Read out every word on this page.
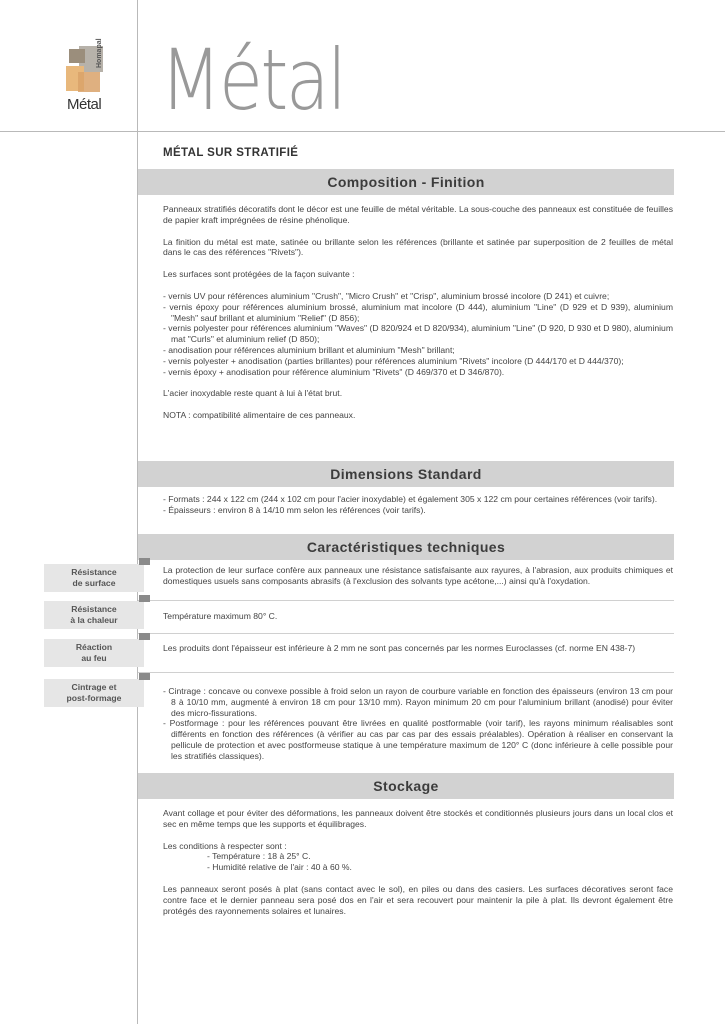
Homapal
Métal Métal
MÉTAL SUR STRATIFIÉ
Composition - Finition

Panneaux stratifiés décoratifs dont le décor est une feuille de métal véritable. La sous-couche des panneaux est constituée de feuilles de papier kraft imprégnées de résine phénolique.

La finition du métal est mate, satinée ou brillante selon les références (brillante et satinée par superposition de 2 feuilles de métal dans le cas des références "Rivets").

Les surfaces sont protégées de la façon suivante :

- vernis UV pour références aluminium "Crush", "Micro Crush" et "Crisp", aluminium brossé incolore (D 241) et cuivre;

- vernis époxy pour références aluminium brossé, aluminium mat incolore (D 444), aluminium "Line" (D 929 et D 939), aluminium "Mesh" sauf brillant et aluminium "Relief" (D 856);

- vernis polyester pour références aluminium "Waves" (D 820/924 et D 820/934), aluminium "Line" (D 920, D 930 et D 980), aluminium mat "Curls" et aluminium relief (D 850);

- anodisation pour références aluminium brillant et aluminium "Mesh" brillant;

- vernis polyester + anodisation (parties brillantes) pour références aluminium "Rivets" incolore (D 444/170 et D 444/370);

- vernis époxy + anodisation pour référence aluminium "Rivets" (D 469/370 et D 346/870).

L'acier inoxydable reste quant à lui à l'état brut.

NOTA : compatibilité alimentaire de ces panneaux.

Dimensions Standard

- Formats : 244 x 122 cm (244 x 102 cm pour l'acier inoxydable) et également 305 x 122 cm pour certaines références (voir tarifs).

- Épaisseurs : environ 8 à 14/10 mm selon les références (voir tarifs).

Caractéristiques techniques
Résistance
de surface
La protection de leur surface confère aux panneaux une résistance satisfaisante aux rayures, à l'abrasion, aux produits chimiques et domestiques usuels sans composants abrasifs (à l'exclusion des solvants type acétone,...) ainsi qu'à l'oxydation.
Résistance
à la chaleur	Température maximum 80° C.
Réaction
au feu
Les produits dont l'épaisseur est inférieure à 2 mm ne sont pas concernés par les normes Euroclasses (cf. norme EN 438-7)
Cintrage et
post-formage

- Cintrage : concave ou convexe possible à froid selon un rayon de courbure variable en fonction des épaisseurs (environ 13 cm pour 8 à 10/10 mm, augmenté à environ 18 cm pour 13/10 mm). Rayon minimum 20 cm pour l'aluminium brillant (anodisé) pour éviter des micro-fissurations.

- Postformage : pour les références pouvant être livrées en qualité postformable (voir tarif), les rayons minimum réalisables sont différents en fonction des références (à vérifier au cas par cas par des essais préalables). Opération à réaliser en conservant la pellicule de protection et avec postformeuse statique à une température maximum de 120° C (donc inférieure à celle possible pour les stratifiés classiques).

Stockage

Avant collage et pour éviter des déformations, les panneaux doivent être stockés et conditionnés plusieurs jours dans un local clos et sec en même temps que les supports et équilibrages.

Les conditions à respecter sont :

- Température : 18 à 25° C.

- Humidité relative de l'air : 40 à 60 %.

Les panneaux seront posés à plat (sans contact avec le sol), en piles ou dans des casiers. Les surfaces décoratives seront face contre face et le dernier panneau sera posé dos en l'air et sera recouvert pour maintenir la pile à plat. Ils devront également être protégés des rayonnements solaires et lunaires.
